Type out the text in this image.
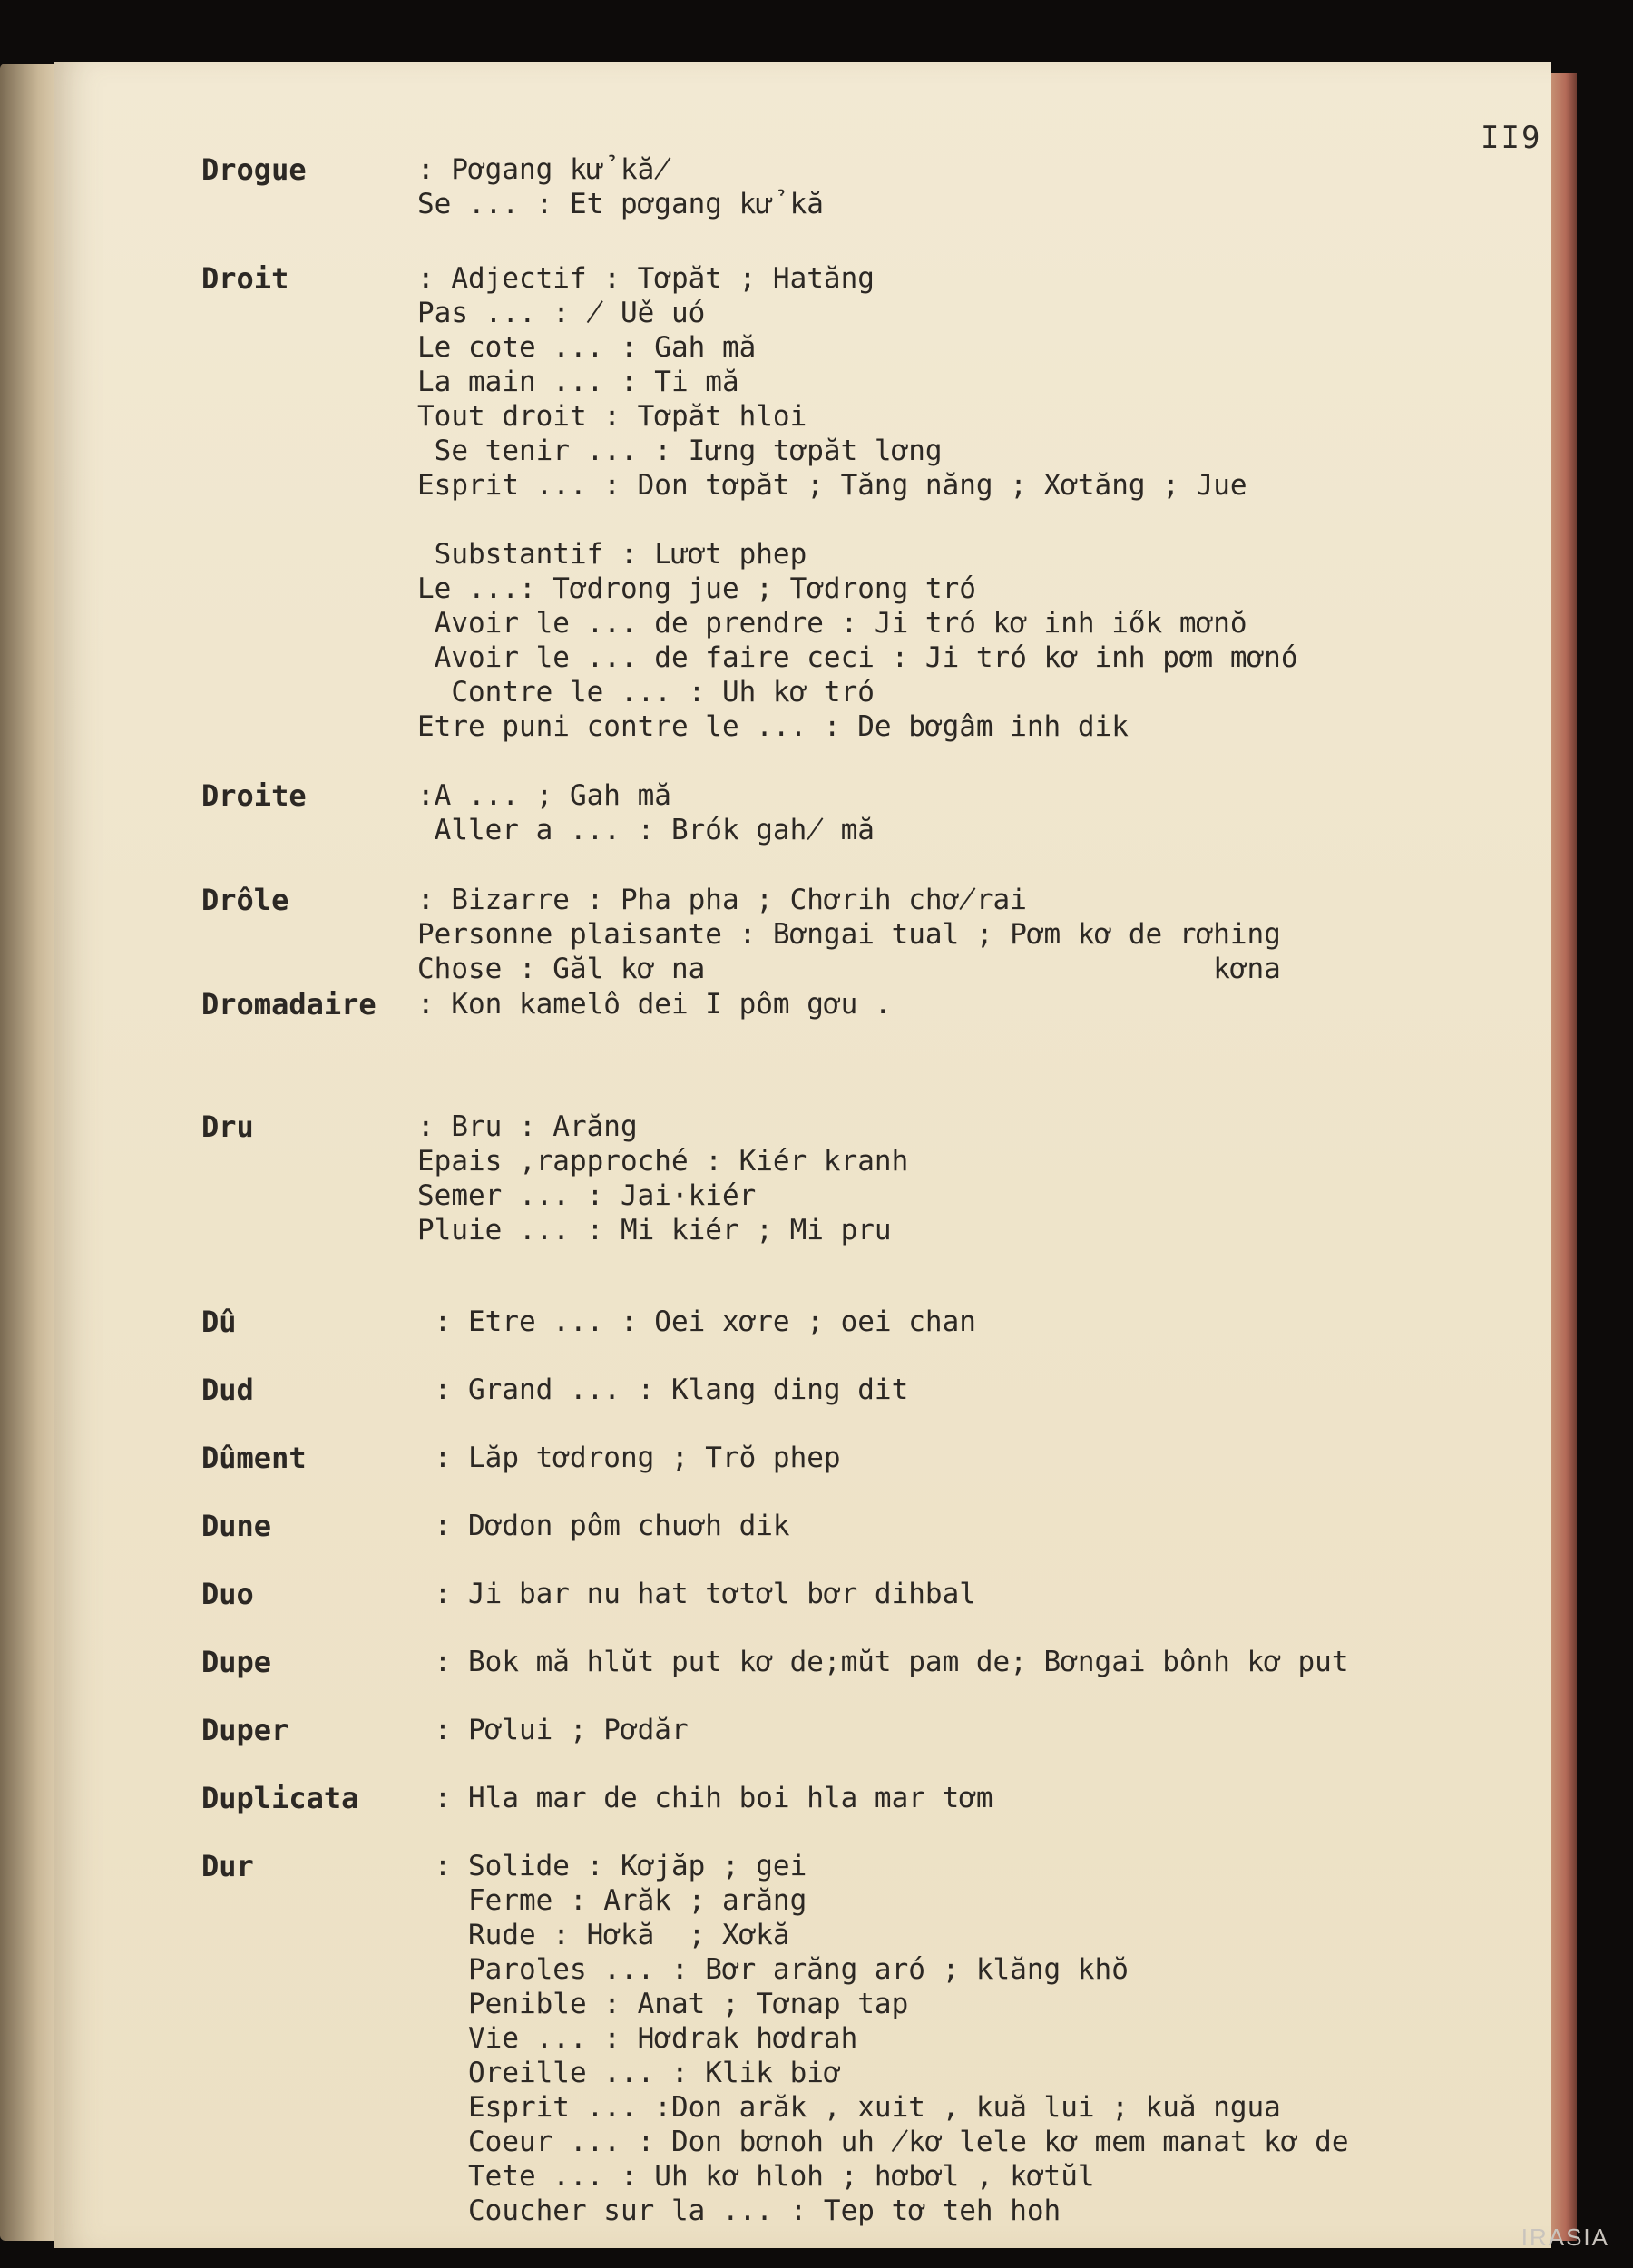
II9
Drogue	: Pơgang kử kă̸
Se ... : Et pơgang kử kă
Droit	: Adjectif : Tơpăt ; Hatăng
Pas ... : ̸ Uě uó
Le cote ... : Gah mă
La main ... : Ti mă
Tout droit : Tơpăt hloi
Se tenir ... : Iưng tơpăt lơng
Esprit ... : Don tơpăt ; Tăng năng ; Xơtăng ; Jue
Substantif : Lươt phep
Le ...: Tơdrong jue ; Tơdrong tró
Avoir le ... de prendre : Ji tró kơ inh iők mơnŏ
Avoir le ... de faire ceci : Ji tró kơ inh pơm mơnó
Contre le ... : Uh kơ tró
Etre puni contre le ... : De bơgâm inh dik
Droite	:A ... ; Gah mă
Aller a ... : Brók gah̸ mă
Drôle	: Bizarre : Pha pha ; Chơrih chơ̸rai
Personne plaisante : Bơngai tual ; Pơm kơ de rơhing
Chose : Găl kơ na                              kơna
Dromadaire : Kon kamelô dei I pôm gơu .
Dru	: Bru : Arăng
Epais ,rapproché : Kiér kranh
Semer ... : Jai·kiér
Pluie ... : Mi kiér ; Mi pru
Dû	: Etre ... : Oei xơre ; oei chan
Dud	: Grand ... : Klang ding dit
Dûment	: Lăp tơdrong ; Trŏ phep
Dune	: Dơdon pôm chuơh dik
Duo	: Ji bar nu hat tơtơl bơr dihbal
Dupe	: Bok mă hlŭt put kơ de;mŭt pam de; Bơngai bônh kơ put
Duper	: Pơlui ; Pơdăr
Duplicata : Hla mar de chih boi hla mar tơm
Dur	: Solide : Kơjăp ; gei
Ferme : Arăk ; arăng
Rude : Hơkă  ; Xơkă
Paroles ... : Bơr arăng aró ; klăng khŏ
Penible : Anat ; Tơnap tap
Vie ... : Hơdrak hơdrah
Oreille ... : Klik biơ
Esprit ... :Don arăk , xuit , kuă lui ; kuă ngua
Coeur ... : Don bơnoh uh ̸kơ lele kơ mem manat kơ de
Tete ... : Uh kơ hloh ; hơbơl , kơtŭl
Coucher sur la ... : Tep tơ teh hoh
IRASIA
